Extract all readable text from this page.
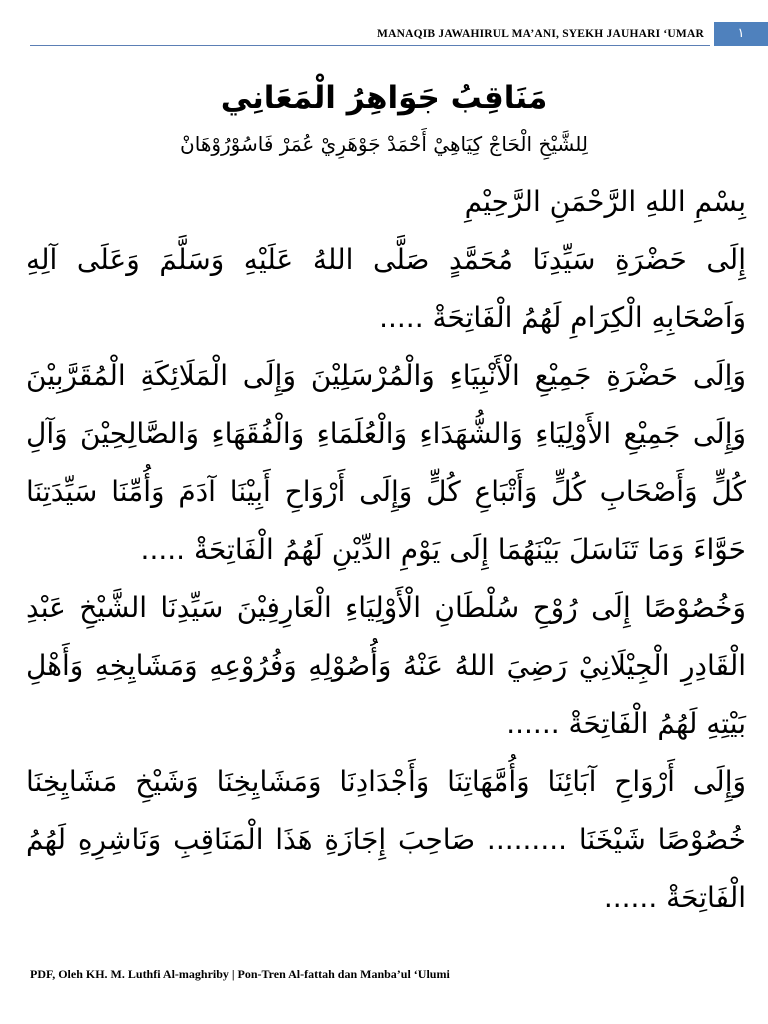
MANAQIB JAWAHIRUL MA’ANI, SYEKH JAUHARI ‘UMAR	١
مَنَاقِبُ جَوَاهِرُ الْمَعَانِي
لِلشَّيْخِ الْحَاجْ كِيَاهِيْ أَحْمَدْ جَوْهَرِيْ عُمَرْ فَاسُوْرُوْهَانْ

بِسْمِ اللهِ الرَّحْمَنِ الرَّحِيْمِ

إِلَى حَضْرَةِ سَيِّدِنَا مُحَمَّدٍ صَلَّى اللهُ عَلَيْهِ وَسَلَّمَ وَعَلَى آلِهِ وَاَصْحَابِهِ الْكِرَامِ لَهُمُ الْفَاتِحَةْ .....

وَاِلَى حَضْرَةِ جَمِيْعِ الْأَنْبِيَاءِ وَالْمُرْسَلِيْنَ وَإِلَى الْمَلَائِكَةِ الْمُقَرَّبِيْنَ وَإِلَى جَمِيْعِ الأَوْلِيَاءِ وَالشُّهَدَاءِ وَالْعُلَمَاءِ وَالْفُقَهَاءِ وَالصَّالِحِيْنَ وَآلِ كُلٍّ وَأَصْحَابِ كُلٍّ وَأَتْبَاعِ كُلٍّ وَإِلَى أَرْوَاحِ أَبِيْنَا آدَمَ وَأُمِّنَا سَيِّدَتِنَا حَوَّاءَ وَمَا تَنَاسَلَ بَيْنَهُمَا إِلَى يَوْمِ الدِّيْنِ لَهُمُ الْفَاتِحَةْ .....

وَخُصُوْصًا إِلَى رُوْحِ سُلْطَانِ الْأَوْلِيَاءِ الْعَارِفِيْنَ سَيِّدِنَا الشَّيْخِ عَبْدِ الْقَادِرِ الْجِيْلَانِيْ رَضِيَ اللهُ عَنْهُ وَأُصُوْلِهِ وَفُرُوْعِهِ وَمَشَايِخِهِ وَأَهْلِ بَيْتِهِ لَهُمُ الْفَاتِحَةْ ......

وَإِلَى أَرْوَاحِ آبَائِنَا وَأُمَّهَاتِنَا وَأَجْدَادِنَا وَمَشَايِخِنَا وَشَيْخِ مَشَايِخِنَا خُصُوْصًا شَيْخَنَا ......... صَاحِبَ إِجَازَةِ هَذَا الْمَنَاقِبِ وَنَاشِرِهِ لَهُمُ الْفَاتِحَةْ ......

PDF, Oleh KH. M. Luthfi Al-maghriby | Pon-Tren Al-fattah dan Manba’ul ‘Ulumi
